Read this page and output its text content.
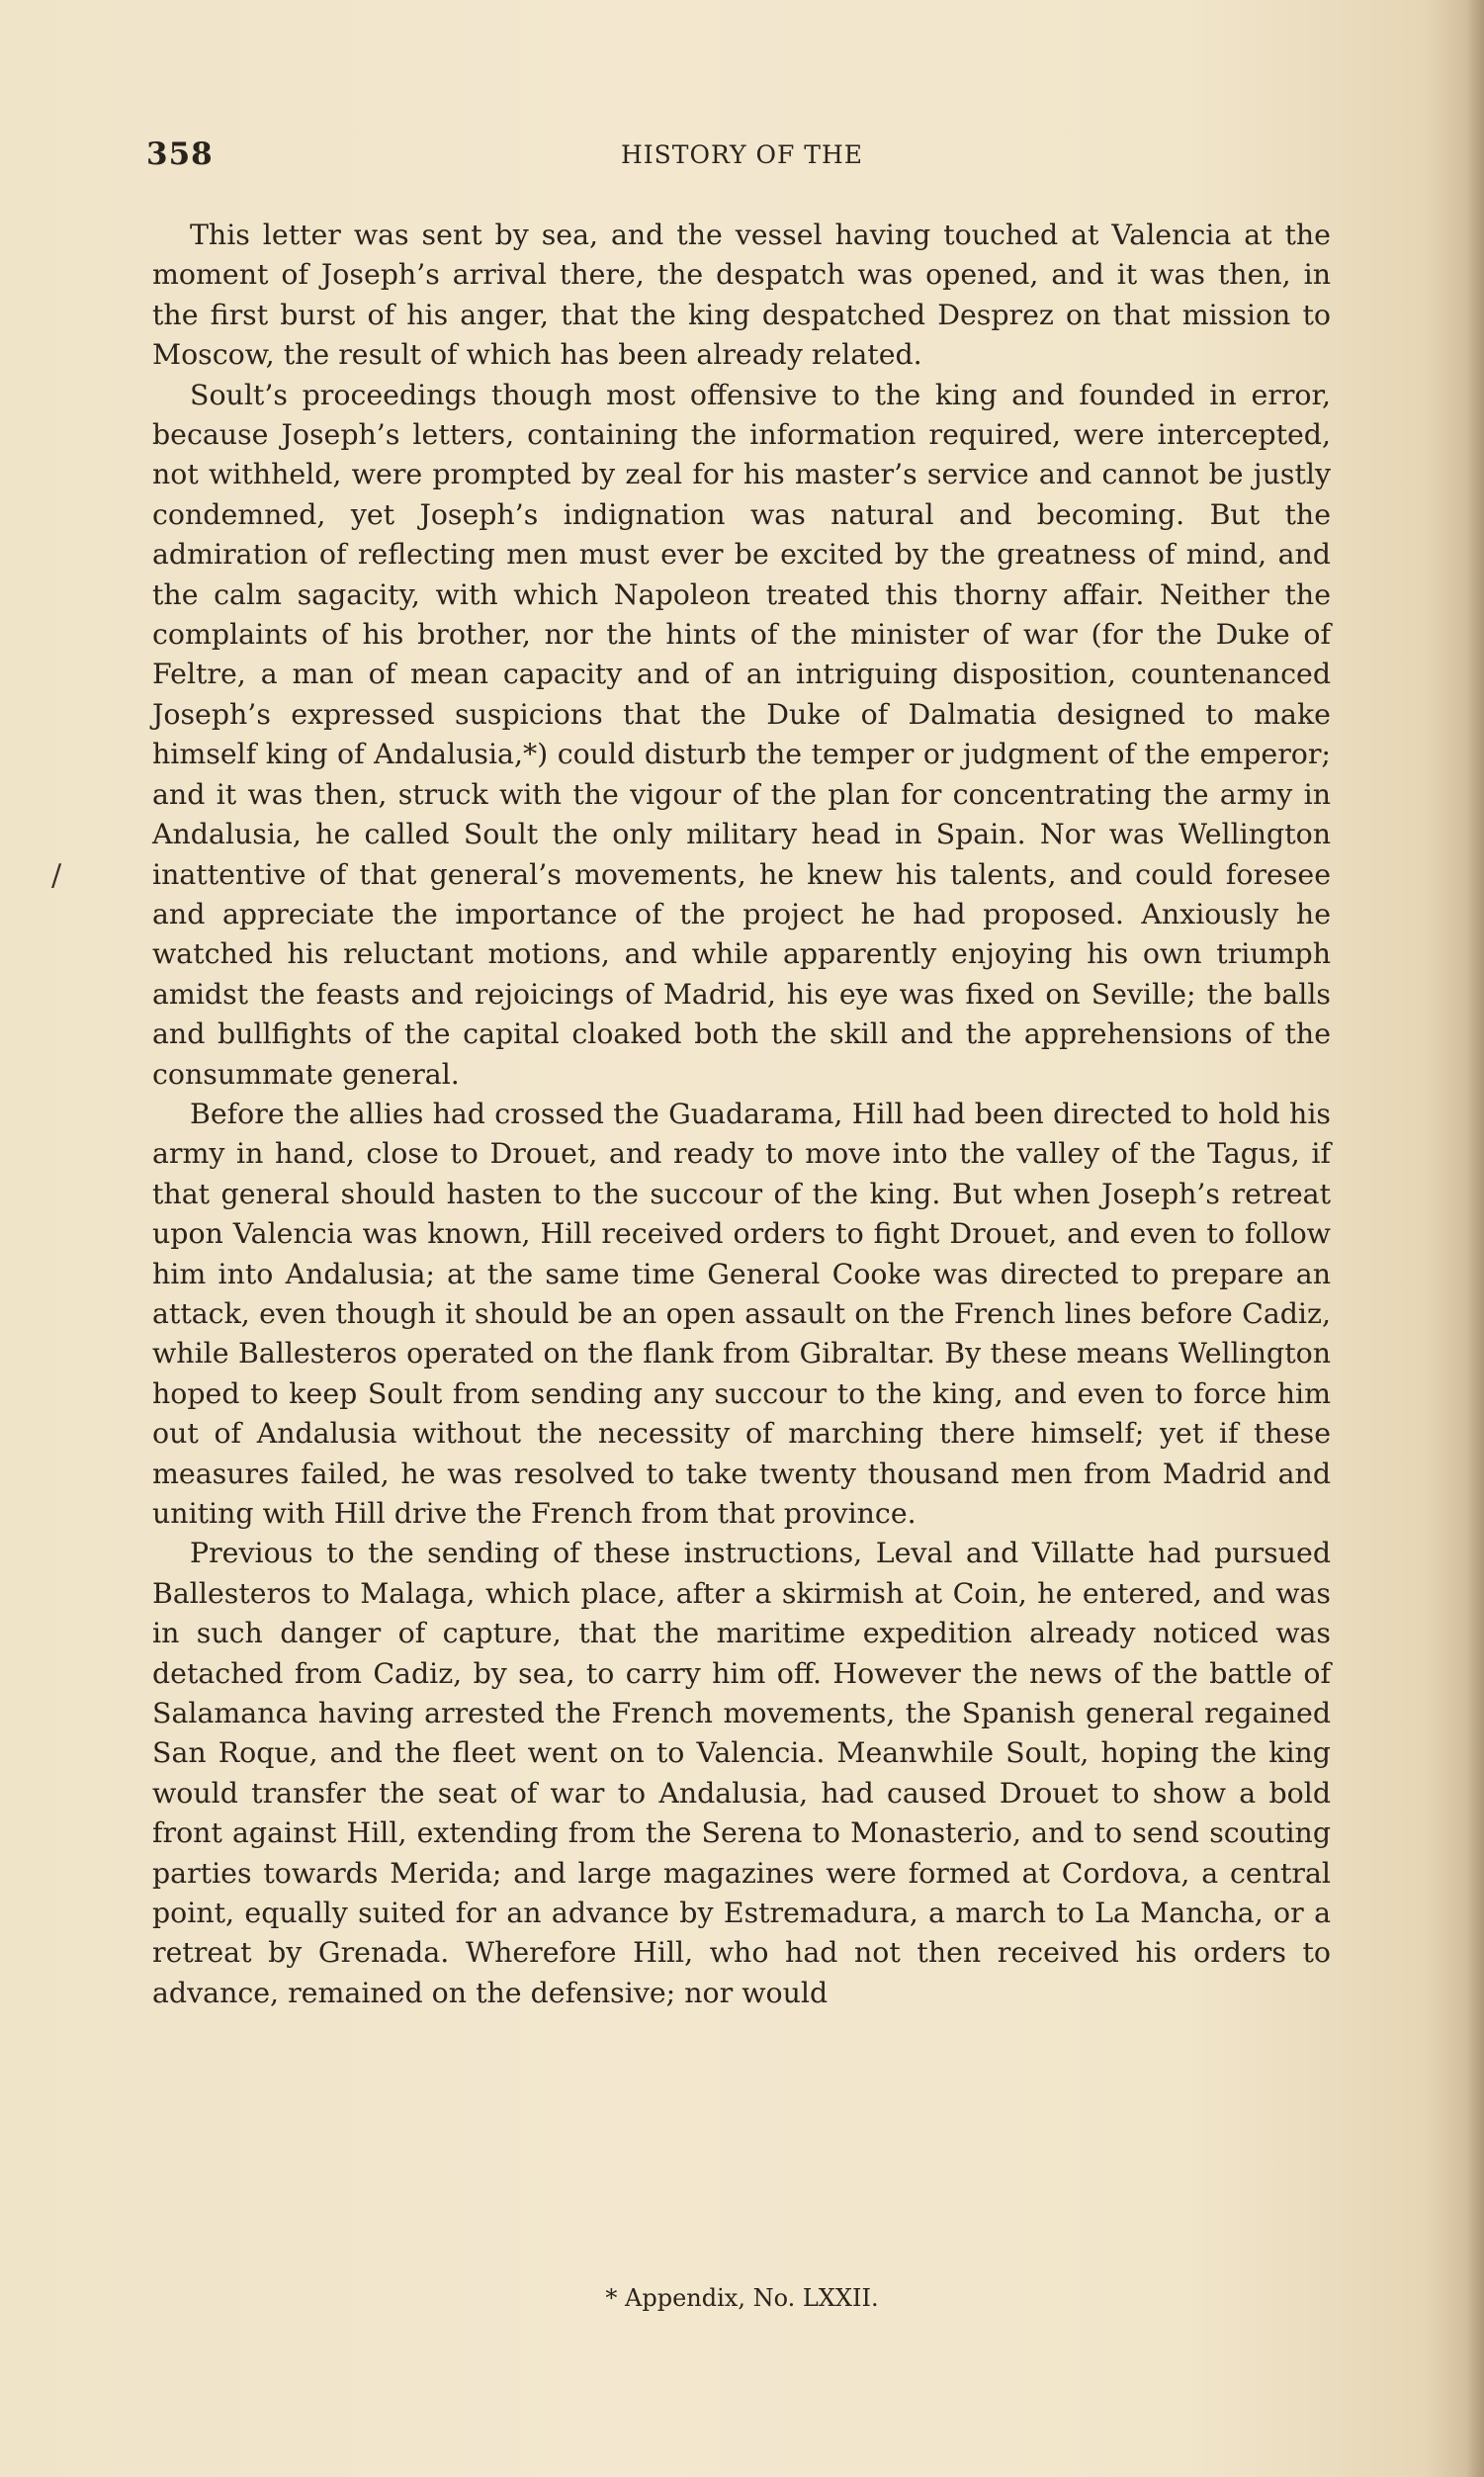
358	HISTORY OF THE
/

This letter was sent by sea, and the vessel having touched at Valencia at the moment of Joseph’s arrival there, the despatch was opened, and it was then, in the first burst of his anger, that the king despatched Desprez on that mission to Moscow, the result of which has been already related.

Soult’s proceedings though most offensive to the king and founded in error, because Joseph’s letters, containing the information required, were intercepted, not withheld, were prompted by zeal for his master’s service and cannot be justly condemned, yet Joseph’s indignation was natural and becoming. But the admiration of reflecting men must ever be excited by the greatness of mind, and the calm sagacity, with which Napoleon treated this thorny affair. Neither the complaints of his brother, nor the hints of the minister of war (for the Duke of Feltre, a man of mean capacity and of an intriguing disposition, countenanced Joseph’s expressed suspicions that the Duke of Dalmatia designed to make himself king of Andalusia,*) could disturb the temper or judgment of the emperor; and it was then, struck with the vigour of the plan for concentrating the army in Andalusia, he called Soult the only military head in Spain. Nor was Wellington inattentive of that general’s movements, he knew his talents, and could foresee and appreciate the importance of the project he had proposed. Anxiously he watched his reluctant motions, and while apparently enjoying his own triumph amidst the feasts and rejoicings of Madrid, his eye was fixed on Seville; the balls and bullfights of the capital cloaked both the skill and the apprehensions of the consummate general.

Before the allies had crossed the Guadarama, Hill had been directed to hold his army in hand, close to Drouet, and ready to move into the valley of the Tagus, if that general should hasten to the succour of the king. But when Joseph’s retreat upon Valencia was known, Hill received orders to fight Drouet, and even to follow him into Andalusia; at the same time General Cooke was directed to prepare an attack, even though it should be an open assault on the French lines before Cadiz, while Ballesteros operated on the flank from Gibraltar. By these means Wellington hoped to keep Soult from sending any succour to the king, and even to force him out of Andalusia without the necessity of marching there himself; yet if these measures failed, he was resolved to take twenty thousand men from Madrid and uniting with Hill drive the French from that province.

Previous to the sending of these instructions, Leval and Villatte had pursued Ballesteros to Malaga, which place, after a skirmish at Coin, he entered, and was in such danger of capture, that the maritime expedition already noticed was detached from Cadiz, by sea, to carry him off. However the news of the battle of Salamanca having arrested the French movements, the Spanish general regained San Roque, and the fleet went on to Valencia. Meanwhile Soult, hoping the king would transfer the seat of war to Andalusia, had caused Drouet to show a bold front against Hill, extending from the Serena to Monasterio, and to send scouting parties towards Merida; and large magazines were formed at Cordova, a central point, equally suited for an advance by Estremadura, a march to La Mancha, or a retreat by Grenada. Wherefore Hill, who had not then received his orders to advance, remained on the defensive; nor would

* Appendix, No. LXXII.
